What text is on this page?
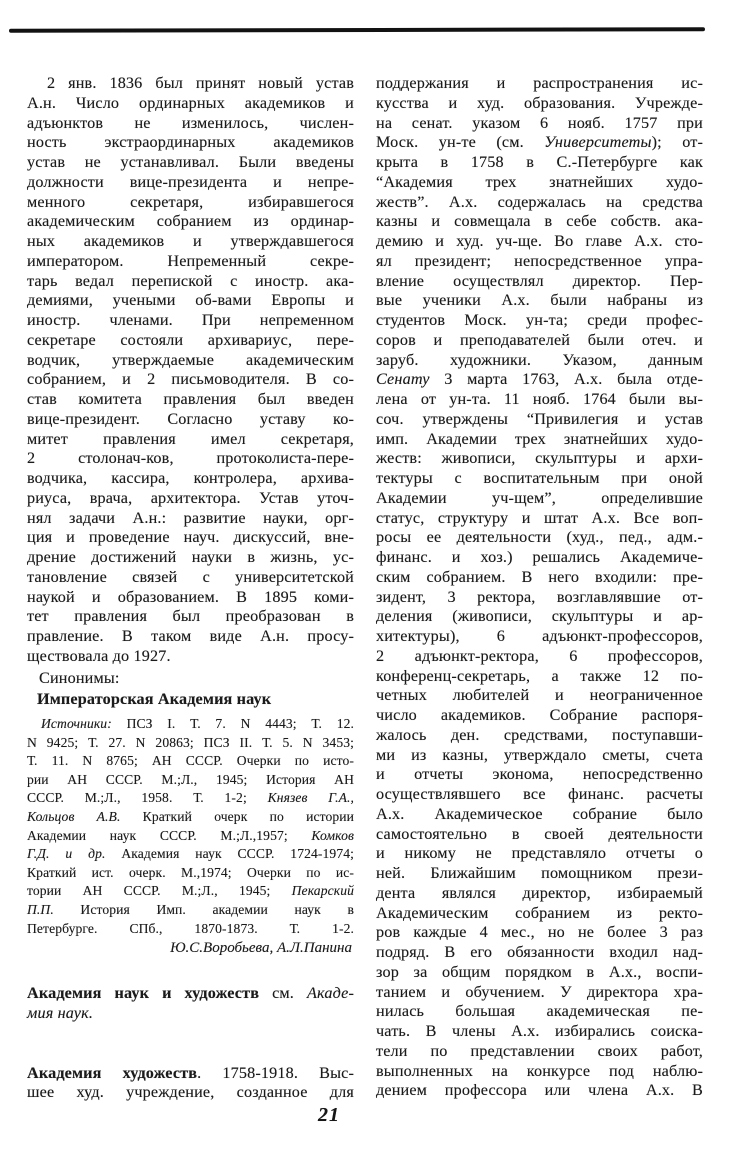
2 янв. 1836 был принят новый устав
А.н. Число ординарных академиков и
адъюнктов не изменилось, числен-
ность экстраординарных академиков
устав не устанавливал. Были введены
должности вице-президента и непре-
менного секретаря, избиравшегося
академическим собранием из ординар-
ных академиков и утверждавшегося
императором. Непременный секре-
тарь ведал перепиской с иностр. ака-
демиями, учеными об-вами Европы и
иностр. членами. При непременном
секретаре состояли архивариус, пере-
водчик, утверждаемые академическим
собранием, и 2 письмоводителя. В со-
став комитета правления был введен
вице-президент. Согласно уставу ко-
митет правления имел секретаря,
2 столонач-ков, протоколиста-пере-
водчика, кассира, контролера, архива-
риуса, врача, архитектора. Устав уточ-
нял задачи А.н.: развитие науки, орг-
ция и проведение науч. дискуссий, вне-
дрение достижений науки в жизнь, ус-
тановление связей с университетской
наукой и образованием. В 1895 коми-
тет правления был преобразован в
правление. В таком виде А.н. просу-
ществовала до 1927.
Синонимы:
Императорская Академия наук
Источники: ПСЗ I. Т. 7. N 4443; Т. 12.
N 9425; Т. 27. N 20863; ПСЗ II. Т. 5. N 3453;
Т. 11. N 8765; АН СССР. Очерки по исто-
рии АН СССР. М.;Л., 1945; История АН
СССР. М.;Л., 1958. Т. 1-2; Князев Г.А.,
Кольцов А.В. Краткий очерк по истории
Академии наук СССР. М.;Л.,1957; Комков
Г.Д. и др. Академия наук СССР. 1724-1974;
Краткий ист. очерк. М.,1974; Очерки по ис-
тории АН СССР. М.;Л., 1945; Пекарский
П.П. История Имп. академии наук в
Петербурге. СПб., 1870-1873. Т. 1-2.
Ю.С.Воробьева, А.Л.Панина
Академия наук и художеств см. Акаде-
мия наук.
Академия художеств. 1758-1918. Выс-
шее худ. учреждение, созданное для
поддержания и распространения ис-
кусства и худ. образования. Учрежде-
на сенат. указом 6 нояб. 1757 при
Моск. ун-те (см. Университеты); от-
крыта в 1758 в С.-Петербурге как
“Академия трех знатнейших худо-
жеств”. А.х. содержалась на средства
казны и совмещала в себе собств. ака-
демию и худ. уч-ще. Во главе А.х. сто-
ял президент; непосредственное упра-
вление осуществлял директор. Пер-
вые ученики А.х. были набраны из
студентов Моск. ун-та; среди профес-
соров и преподавателей были отеч. и
заруб. художники. Указом, данным
Сенату 3 марта 1763, А.х. была отде-
лена от ун-та. 11 нояб. 1764 были вы-
соч. утверждены “Привилегия и устав
имп. Академии трех знатнейших худо-
жеств: живописи, скульптуры и архи-
тектуры с воспитательным при оной
Академии уч-щем”, определившие
статус, структуру и штат А.х. Все воп-
росы ее деятельности (худ., пед., адм.-
финанс. и хоз.) решались Академиче-
ским собранием. В него входили: пре-
зидент, 3 ректора, возглавлявшие от-
деления (живописи, скульптуры и ар-
хитектуры), 6 адъюнкт-профессоров,
2 адъюнкт-ректора, 6 профессоров,
конференц-секретарь, а также 12 по-
четных любителей и неограниченное
число академиков. Собрание распоря-
жалось ден. средствами, поступавши-
ми из казны, утверждало сметы, счета
и отчеты эконома, непосредственно
осуществлявшего все финанс. расчеты
А.х. Академическое собрание было
самостоятельно в своей деятельности
и никому не представляло отчеты о
ней. Ближайшим помощником прези-
дента являлся директор, избираемый
Академическим собранием из ректо-
ров каждые 4 мес., но не более 3 раз
подряд. В его обязанности входил над-
зор за общим порядком в А.х., воспи-
танием и обучением. У директора хра-
нилась большая академическая пе-
чать. В члены А.х. избирались соиска-
тели по представлении своих работ,
выполненных на конкурсе под наблю-
дением профессора или члена А.х. В
21
